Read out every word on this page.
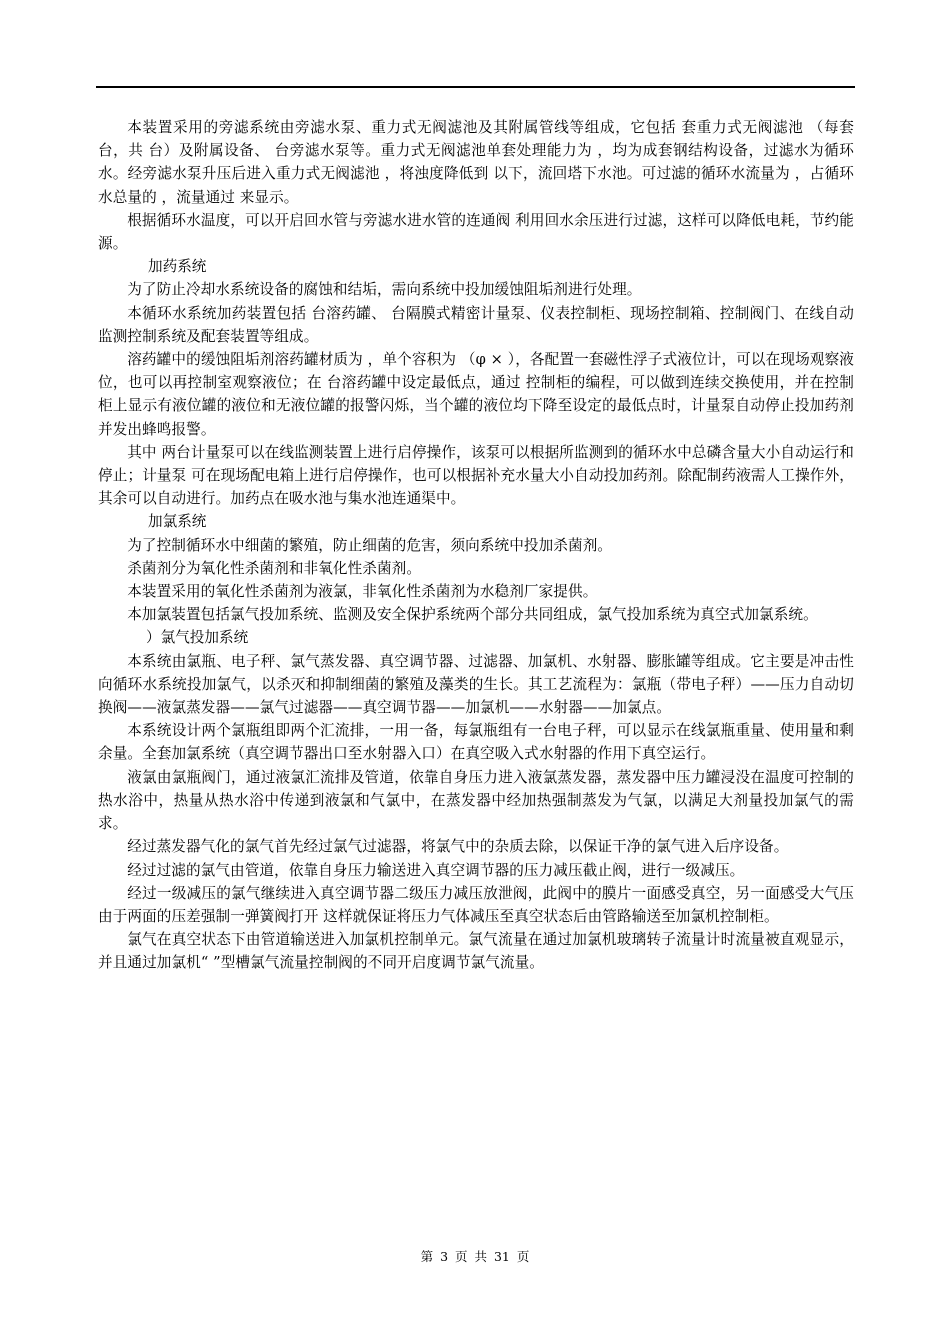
本装置采用的旁滤系统由旁滤水泵、重力式无阀滤池及其附属管线等组成，它包括 套重力式无阀滤池 （每套 台，共 台）及附属设备、 台旁滤水泵等。重力式无阀滤池单套处理能力为 ，均为成套钢结构设备，过滤水为循环水。经旁滤水泵升压后进入重力式无阀滤池 ，将浊度降低到 以下，流回塔下水池。可过滤的循环水流量为 ，占循环水总量的 ，流量通过 来显示。

根据循环水温度，可以开启回水管与旁滤水进水管的连通阀 利用回水余压进行过滤，这样可以降低电耗，节约能源。

加药系统

为了防止冷却水系统设备的腐蚀和结垢，需向系统中投加缓蚀阻垢剂进行处理。

本循环水系统加药装置包括 台溶药罐、 台隔膜式精密计量泵、仪表控制柜、现场控制箱、控制阀门、在线自动监测控制系统及配套装置等组成。

溶药罐中的缓蚀阻垢剂溶药罐材质为 ，单个容积为 （φ × ），各配置一套磁性浮子式液位计，可以在现场观察液位，也可以再控制室观察液位；在 台溶药罐中设定最低点，通过 控制柜的编程，可以做到连续交换使用，并在控制柜上显示有液位罐的液位和无液位罐的报警闪烁，当个罐的液位均下降至设定的最低点时，计量泵自动停止投加药剂并发出蜂鸣报警。

其中 两台计量泵可以在线监测装置上进行启停操作，该泵可以根据所监测到的循环水中总磷含量大小自动运行和停止；计量泵 可在现场配电箱上进行启停操作，也可以根据补充水量大小自动投加药剂。除配制药液需人工操作外，其余可以自动进行。加药点在吸水池与集水池连通渠中。

加氯系统

为了控制循环水中细菌的繁殖，防止细菌的危害，须向系统中投加杀菌剂。

杀菌剂分为氧化性杀菌剂和非氧化性杀菌剂。

本装置采用的氧化性杀菌剂为液氯，非氧化性杀菌剂为水稳剂厂家提供。

本加氯装置包括氯气投加系统、监测及安全保护系统两个部分共同组成，氯气投加系统为真空式加氯系统。

）氯气投加系统

本系统由氯瓶、电子秤、氯气蒸发器、真空调节器、过滤器、加氯机、水射器、膨胀罐等组成。它主要是冲击性向循环水系统投加氯气，以杀灭和抑制细菌的繁殖及藻类的生长。其工艺流程为：氯瓶（带电子秤）——压力自动切换阀——液氯蒸发器——氯气过滤器——真空调节器——加氯机——水射器——加氯点。

本系统设计两个氯瓶组即两个汇流排，一用一备，每氯瓶组有一台电子秤，可以显示在线氯瓶重量、使用量和剩余量。全套加氯系统（真空调节器出口至水射器入口）在真空吸入式水射器的作用下真空运行。

液氯由氯瓶阀门，通过液氯汇流排及管道，依靠自身压力进入液氯蒸发器，蒸发器中压力罐浸没在温度可控制的热水浴中，热量从热水浴中传递到液氯和气氯中，在蒸发器中经加热强制蒸发为气氯，以满足大剂量投加氯气的需求。

经过蒸发器气化的氯气首先经过氯气过滤器，将氯气中的杂质去除，以保证干净的氯气进入后序设备。

经过过滤的氯气由管道，依靠自身压力输送进入真空调节器的压力减压截止阀，进行一级减压。

经过一级减压的氯气继续进入真空调节器二级压力减压放泄阀，此阀中的膜片一面感受真空，另一面感受大气压 由于两面的压差强制一弹簧阀打开 这样就保证将压力气体减压至真空状态后由管路输送至加氯机控制柜。

氯气在真空状态下由管道输送进入加氯机控制单元。氯气流量在通过加氯机玻璃转子流量计时流量被直观显示，并且通过加氯机“ ”型槽氯气流量控制阀的不同开启度调节氯气流量。

第 3 页 共 31 页
